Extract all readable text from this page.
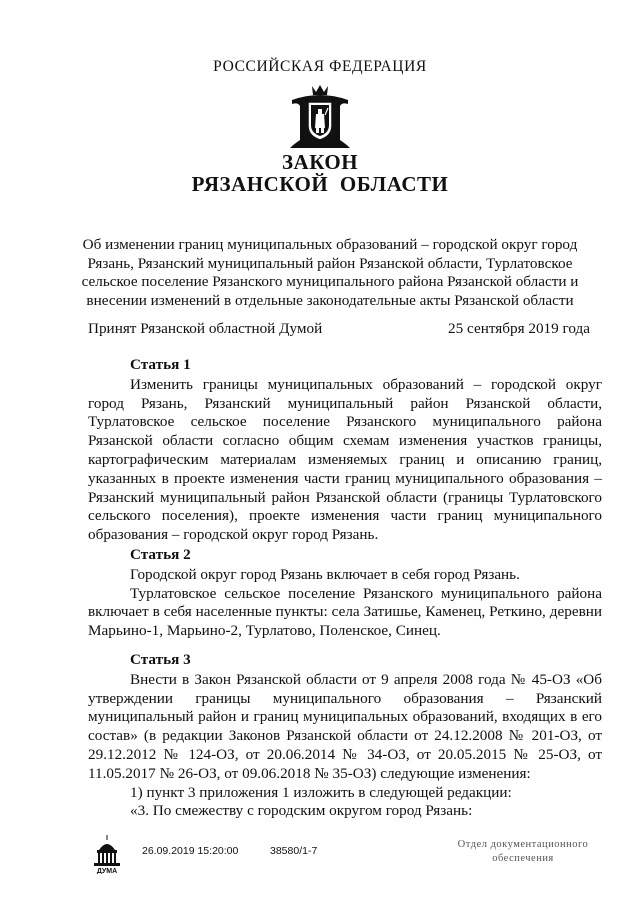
РОССИЙСКАЯ ФЕДЕРАЦИЯ
ЗАКОН
РЯЗАНСКОЙ ОБЛАСТИ
Об изменении границ муниципальных образований – городской округ город Рязань, Рязанский муниципальный район Рязанской области, Турлатовское сельское поселение Рязанского муниципального района Рязанской области и внесении изменений в отдельные законодательные акты Рязанской области
Принят Рязанской областной Думой	25 сентября 2019 года
Статья 1

Изменить границы муниципальных образований – городской округ город Рязань, Рязанский муниципальный район Рязанской области, Турлатовское сельское поселение Рязанского муниципального района Рязанской области согласно общим схемам изменения участков границы, картографическим материалам изменяемых границ и описанию границ, указанных в проекте изменения части границ муниципального образования – Рязанский муниципальный район Рязанской области (границы Турлатовского сельского поселения), проекте изменения части границ муниципального образования – городской округ город Рязань.

Статья 2

Городской округ город Рязань включает в себя город Рязань.

Турлатовское сельское поселение Рязанского муниципального района включает в себя населенные пункты: села Затишье, Каменец, Реткино, деревни Марьино-1, Марьино-2, Турлатово, Поленское, Синец.

Статья 3

Внести в Закон Рязанской области от 9 апреля 2008 года № 45-ОЗ «Об утверждении границы муниципального образования – Рязанский муниципальный район и границ муниципальных образований, входящих в его состав» (в редакции Законов Рязанской области от 24.12.2008 № 201-ОЗ, от 29.12.2012 № 124-ОЗ, от 20.06.2014 № 34-ОЗ, от 20.05.2015 № 25-ОЗ, от 11.05.2017 № 26-ОЗ, от 09.06.2018 № 35-ОЗ) следующие изменения:

1) пункт 3 приложения 1 изложить в следующей редакции:

«3. По смежеству с городским округом город Рязань:

ДУМА
26.09.2019 15:20:00	38580/1-7
Отдел документационного
обеспечения
